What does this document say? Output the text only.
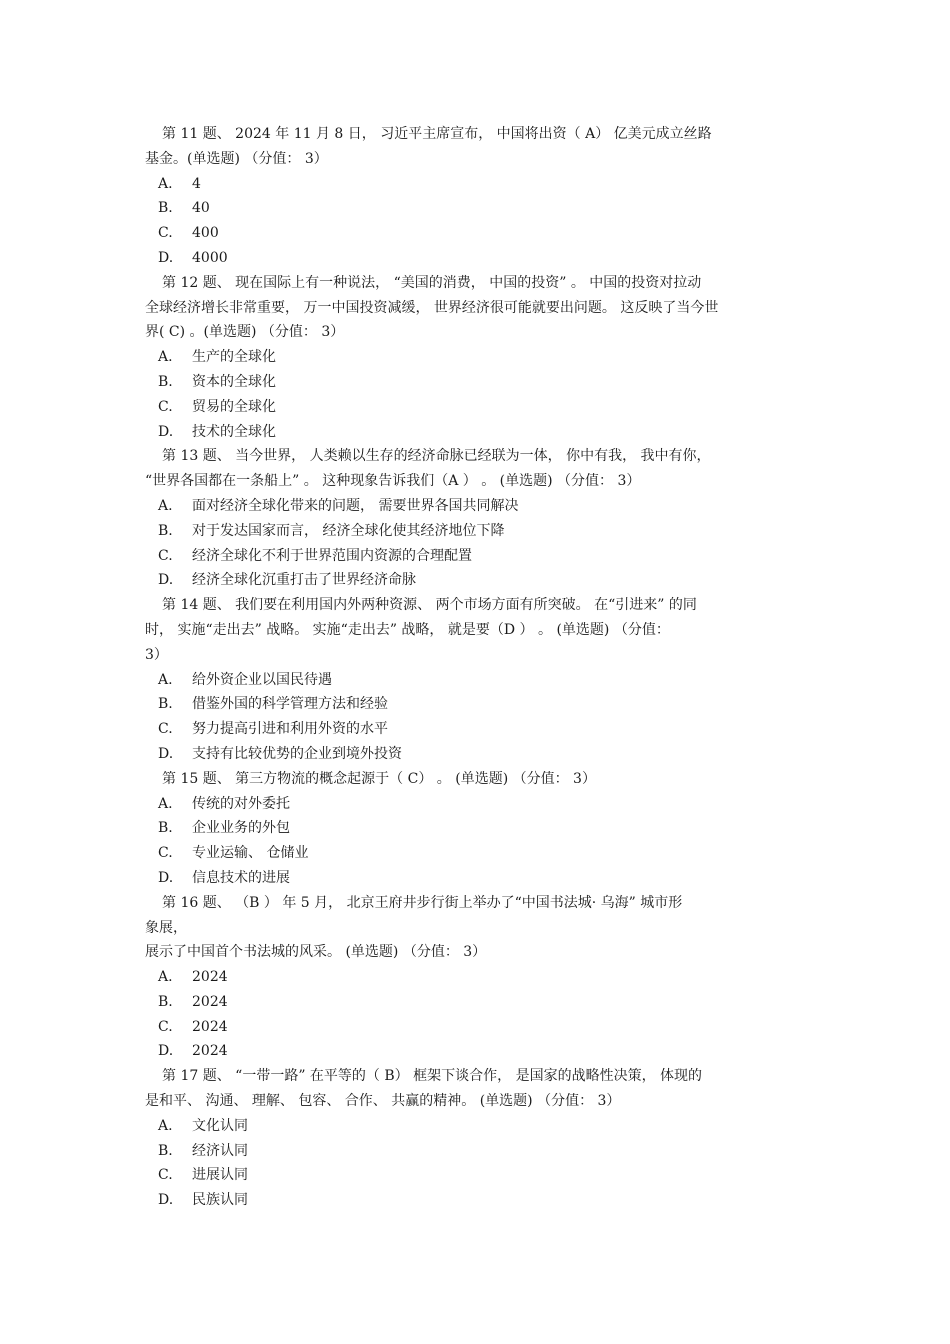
第 11 题、 2024 年 11 月 8 日， 习近平主席宣布， 中国将出资（ A） 亿美元成立丝路
基金。(单选题) （分值： 3）
A. 4
B. 40
C. 400
D. 4000
第 12 题、 现在国际上有一种说法， “美国的消费， 中国的投资” 。 中国的投资对拉动
全球经济增长非常重要， 万一中国投资减缓， 世界经济很可能就要出问题。 这反映了当今世
界( C) 。(单选题) （分值： 3）
A. 生产的全球化
B. 资本的全球化
C. 贸易的全球化
D. 技术的全球化
第 13 题、 当今世界， 人类赖以生存的经济命脉已经联为一体， 你中有我， 我中有你，
“世界各国都在一条船上” 。 这种现象告诉我们（A ） 。 (单选题) （分值： 3）
A. 面对经济全球化带来的问题， 需要世界各国共同解决
B. 对于发达国家而言， 经济全球化使其经济地位下降
C. 经济全球化不利于世界范围内资源的合理配置
D. 经济全球化沉重打击了世界经济命脉
第 14 题、 我们要在利用国内外两种资源、 两个市场方面有所突破。 在“引进来” 的同
时， 实施“走出去” 战略。 实施“走出去” 战略， 就是要（D ） 。 (单选题) （分值：
3）
A. 给外资企业以国民待遇
B. 借鉴外国的科学管理方法和经验
C. 努力提高引进和利用外资的水平
D. 支持有比较优势的企业到境外投资
第 15 题、 第三方物流的概念起源于（ C） 。 (单选题) （分值： 3）
A. 传统的对外委托
B. 企业业务的外包
C. 专业运输、 仓储业
D. 信息技术的进展
第 16 题、 （B ） 年 5 月， 北京王府井步行街上举办了“中国书法城· 乌海” 城市形
象展，
展示了中国首个书法城的风采。 (单选题) （分值： 3）
A. 2024
B. 2024
C. 2024
D. 2024
第 17 题、 “一带一路” 在平等的（ B） 框架下谈合作， 是国家的战略性决策， 体现的
是和平、 沟通、 理解、 包容、 合作、 共赢的精神。 (单选题) （分值： 3）
A. 文化认同
B. 经济认同
C. 进展认同
D. 民族认同
